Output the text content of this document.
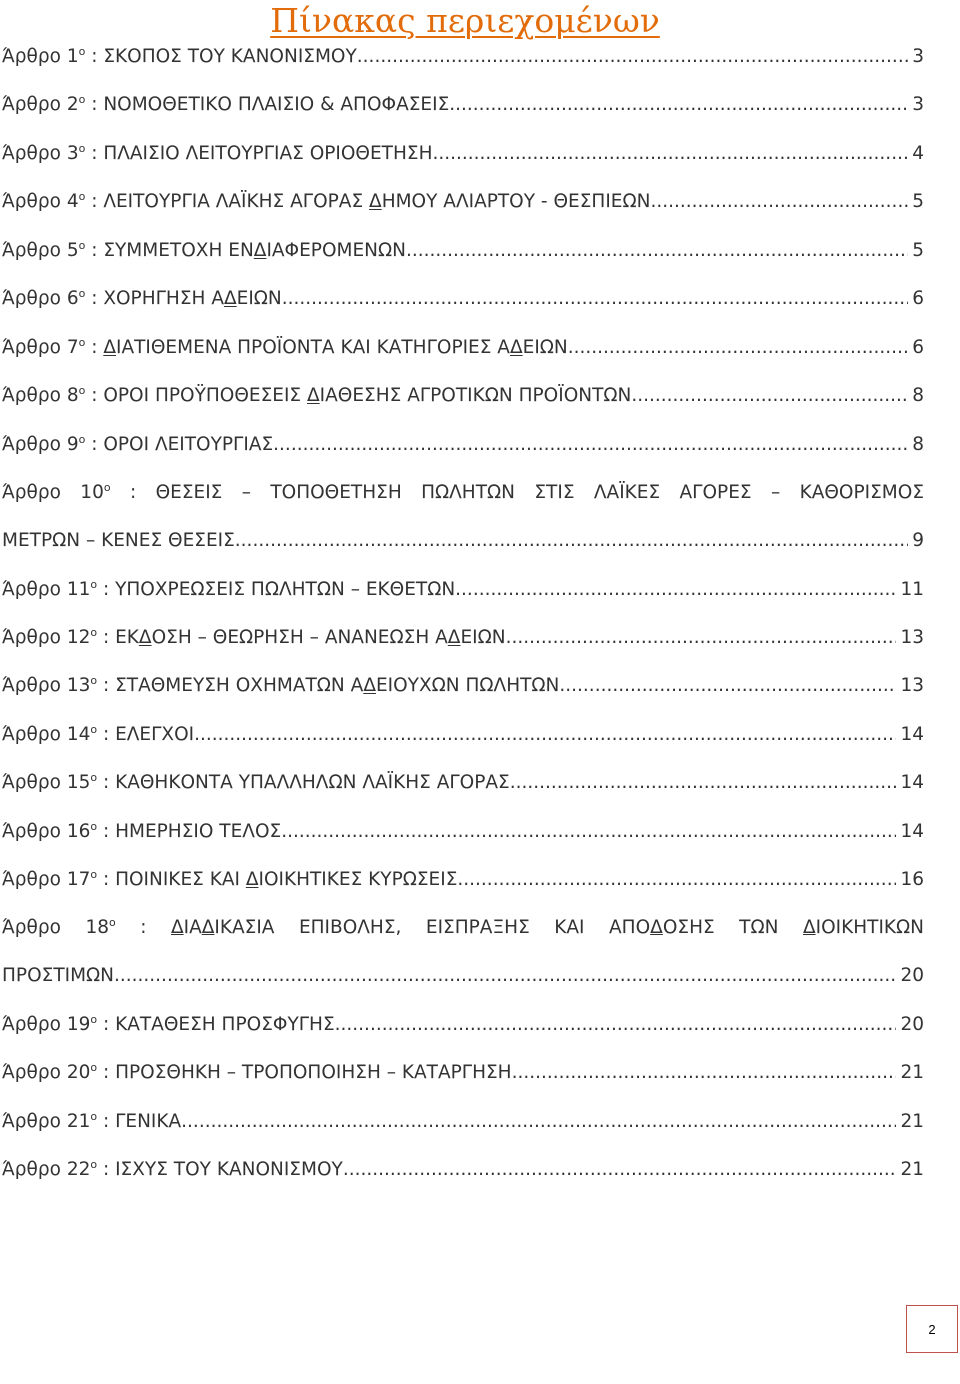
Πίνακας περιεχομένων
Άρθρο $1^o$ : ΣΚΟΠΟΣ ΤΟΥ ΚΑΝΟΝΙΣΜΟΥ .....	3
Άρθρο $2^o$ : ΝΟΜΟΘΕΤΙΚΟ ΠΛΑΙΣΙΟ & ΑΠΟΦΑΣΕΙΣ .....	3
Άρθρο $3^o$ : ΠΛΑΙΣΙΟ ΛΕΙΤΟΥΡΓΙΑΣ ΟΡΙΟΘΕΤΗΣΗ .....	4
Άρθρο $4^o$ : ΛΕΙΤΟΥΡΓΙΑ ΛΑΪΚΗΣ ΑΓΟΡΑΣ ΔΗΜΟΥ ΑΛΙΑΡΤΟΥ - ΘΕΣΠΙΕΩΝ .....	5
Άρθρο $5^o$ : ΣΥΜΜΕΤΟΧΗ ΕΝΔΙΑΦΕΡΟΜΕΝΩΝ .....	5
Άρθρο $6^o$ : ΧΟΡΗΓΗΣΗ ΑΔΕΙΩΝ .....	6
Άρθρο $7^o$ : ΔΙΑΤΙΘΕΜΕΝΑ ΠΡΟΪΟΝΤΑ ΚΑΙ ΚΑΤΗΓΟΡΙΕΣ ΑΔΕΙΩΝ .....	6
Άρθρο $8^o$ : ΟΡΟΙ ΠΡΟΫΠΟΘΕΣΕΙΣ ΔΙΑΘΕΣΗΣ ΑΓΡΟΤΙΚΩΝ ΠΡΟΪΟΝΤΩΝ .....	8
Άρθρο $9^o$ : ΟΡΟΙ ΛΕΙΤΟΥΡΓΙΑΣ .....	8
Άρθρο $10^o$ : ΘΕΣΕΙΣ – ΤΟΠΟΘΕΤΗΣΗ ΠΩΛΗΤΩΝ ΣΤΙΣ ΛΑΪΚΕΣ ΑΓΟΡΕΣ – ΚΑΘΟΡΙΣΜΟΣ
ΜΕΤΡΩΝ – ΚΕΝΕΣ ΘΕΣΕΙΣ .....	9
Άρθρο $11^o$ : ΥΠΟΧΡΕΩΣΕΙΣ ΠΩΛΗΤΩΝ – ΕΚΘΕΤΩΝ .....	11
Άρθρο $12^o$ : ΕΚΔΟΣΗ – ΘΕΩΡΗΣΗ – ΑΝΑΝΕΩΣΗ ΑΔΕΙΩΝ .....	13
Άρθρο $13^o$ : ΣΤΑΘΜΕΥΣΗ ΟΧΗΜΑΤΩΝ ΑΔΕΙΟΥΧΩΝ ΠΩΛΗΤΩΝ .....	13
Άρθρο $14^o$ : ΕΛΕΓΧΟΙ .....	14
Άρθρο $15^o$ : ΚΑΘΗΚΟΝΤΑ ΥΠΑΛΛΗΛΩΝ ΛΑΪΚΗΣ ΑΓΟΡΑΣ .....	14
Άρθρο $16^o$ : ΗΜΕΡΗΣΙΟ ΤΕΛΟΣ .....	14
Άρθρο $17^o$ : ΠΟΙΝΙΚΕΣ ΚΑΙ ΔΙΟΙΚΗΤΙΚΕΣ ΚΥΡΩΣΕΙΣ .....	16
Άρθρο $18^o$ : ΔΙΑΔΙΚΑΣΙΑ ΕΠΙΒΟΛΗΣ, ΕΙΣΠΡΑΞΗΣ ΚΑΙ ΑΠΟΔΟΣΗΣ ΤΩΝ ΔΙΟΙΚΗΤΙΚΩΝ
ΠΡΟΣΤΙΜΩΝ .....	20
Άρθρο $19^o$ : ΚΑΤΑΘΕΣΗ ΠΡΟΣΦΥΓΗΣ .....	20
Άρθρο $20^o$ : ΠΡΟΣΘΗΚΗ – ΤΡΟΠΟΠΟΙΗΣΗ – ΚΑΤΑΡΓΗΣΗ .....	21
Άρθρο $21^o$ : ΓΕΝΙΚΑ .....	21
Άρθρο $22^o$ : ΙΣΧΥΣ ΤΟΥ ΚΑΝΟΝΙΣΜΟΥ .....	21
2
